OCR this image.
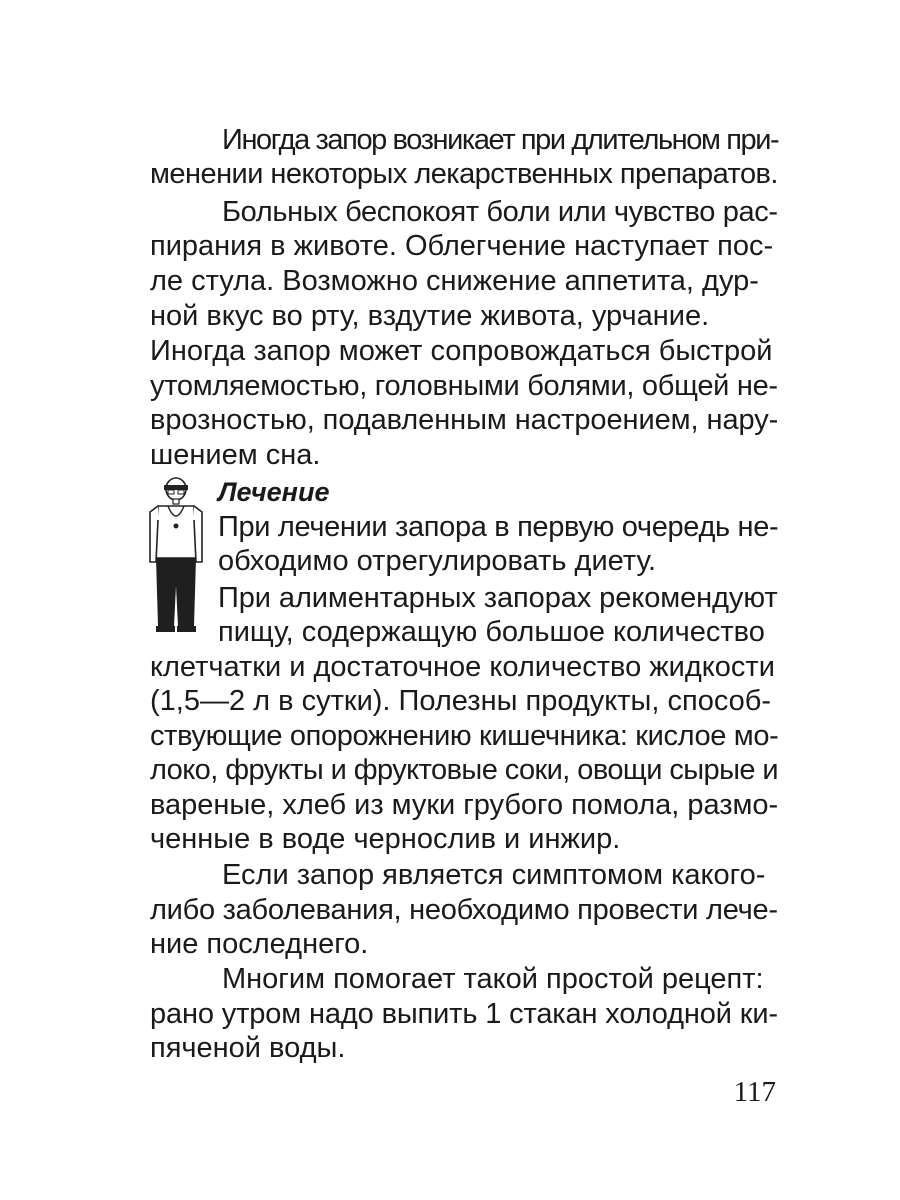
Иногда запор возникает при длительном при-
менении некоторых лекарственных препаратов.
Больных беспокоят боли или чувство рас-
пирания в животе. Облегчение наступает пос-
ле стула. Возможно снижение аппетита, дур-
ной вкус во рту, вздутие живота, урчание.
Иногда запор может сопровождаться быстрой
утомляемостью, головными болями, общей не-
врозностью, подавленным настроением, нару-
шением сна.
Лечение
При лечении запора в первую очередь не-
обходимо отрегулировать диету.
При алиментарных запорах рекомендуют
пищу, содержащую большое количество
клетчатки и достаточное количество жидкости
(1,5—2 л в сутки). Полезны продукты, способ-
ствующие опорожнению кишечника: кислое мо-
локо, фрукты и фруктовые соки, овощи сырые и
вареные, хлеб из муки грубого помола, размо-
ченные в воде чернослив и инжир.
Если запор является симптомом какого-
либо заболевания, необходимо провести лече-
ние последнего.
Многим помогает такой простой рецепт:
рано утром надо выпить 1 стакан холодной ки-
пяченой воды.
117
